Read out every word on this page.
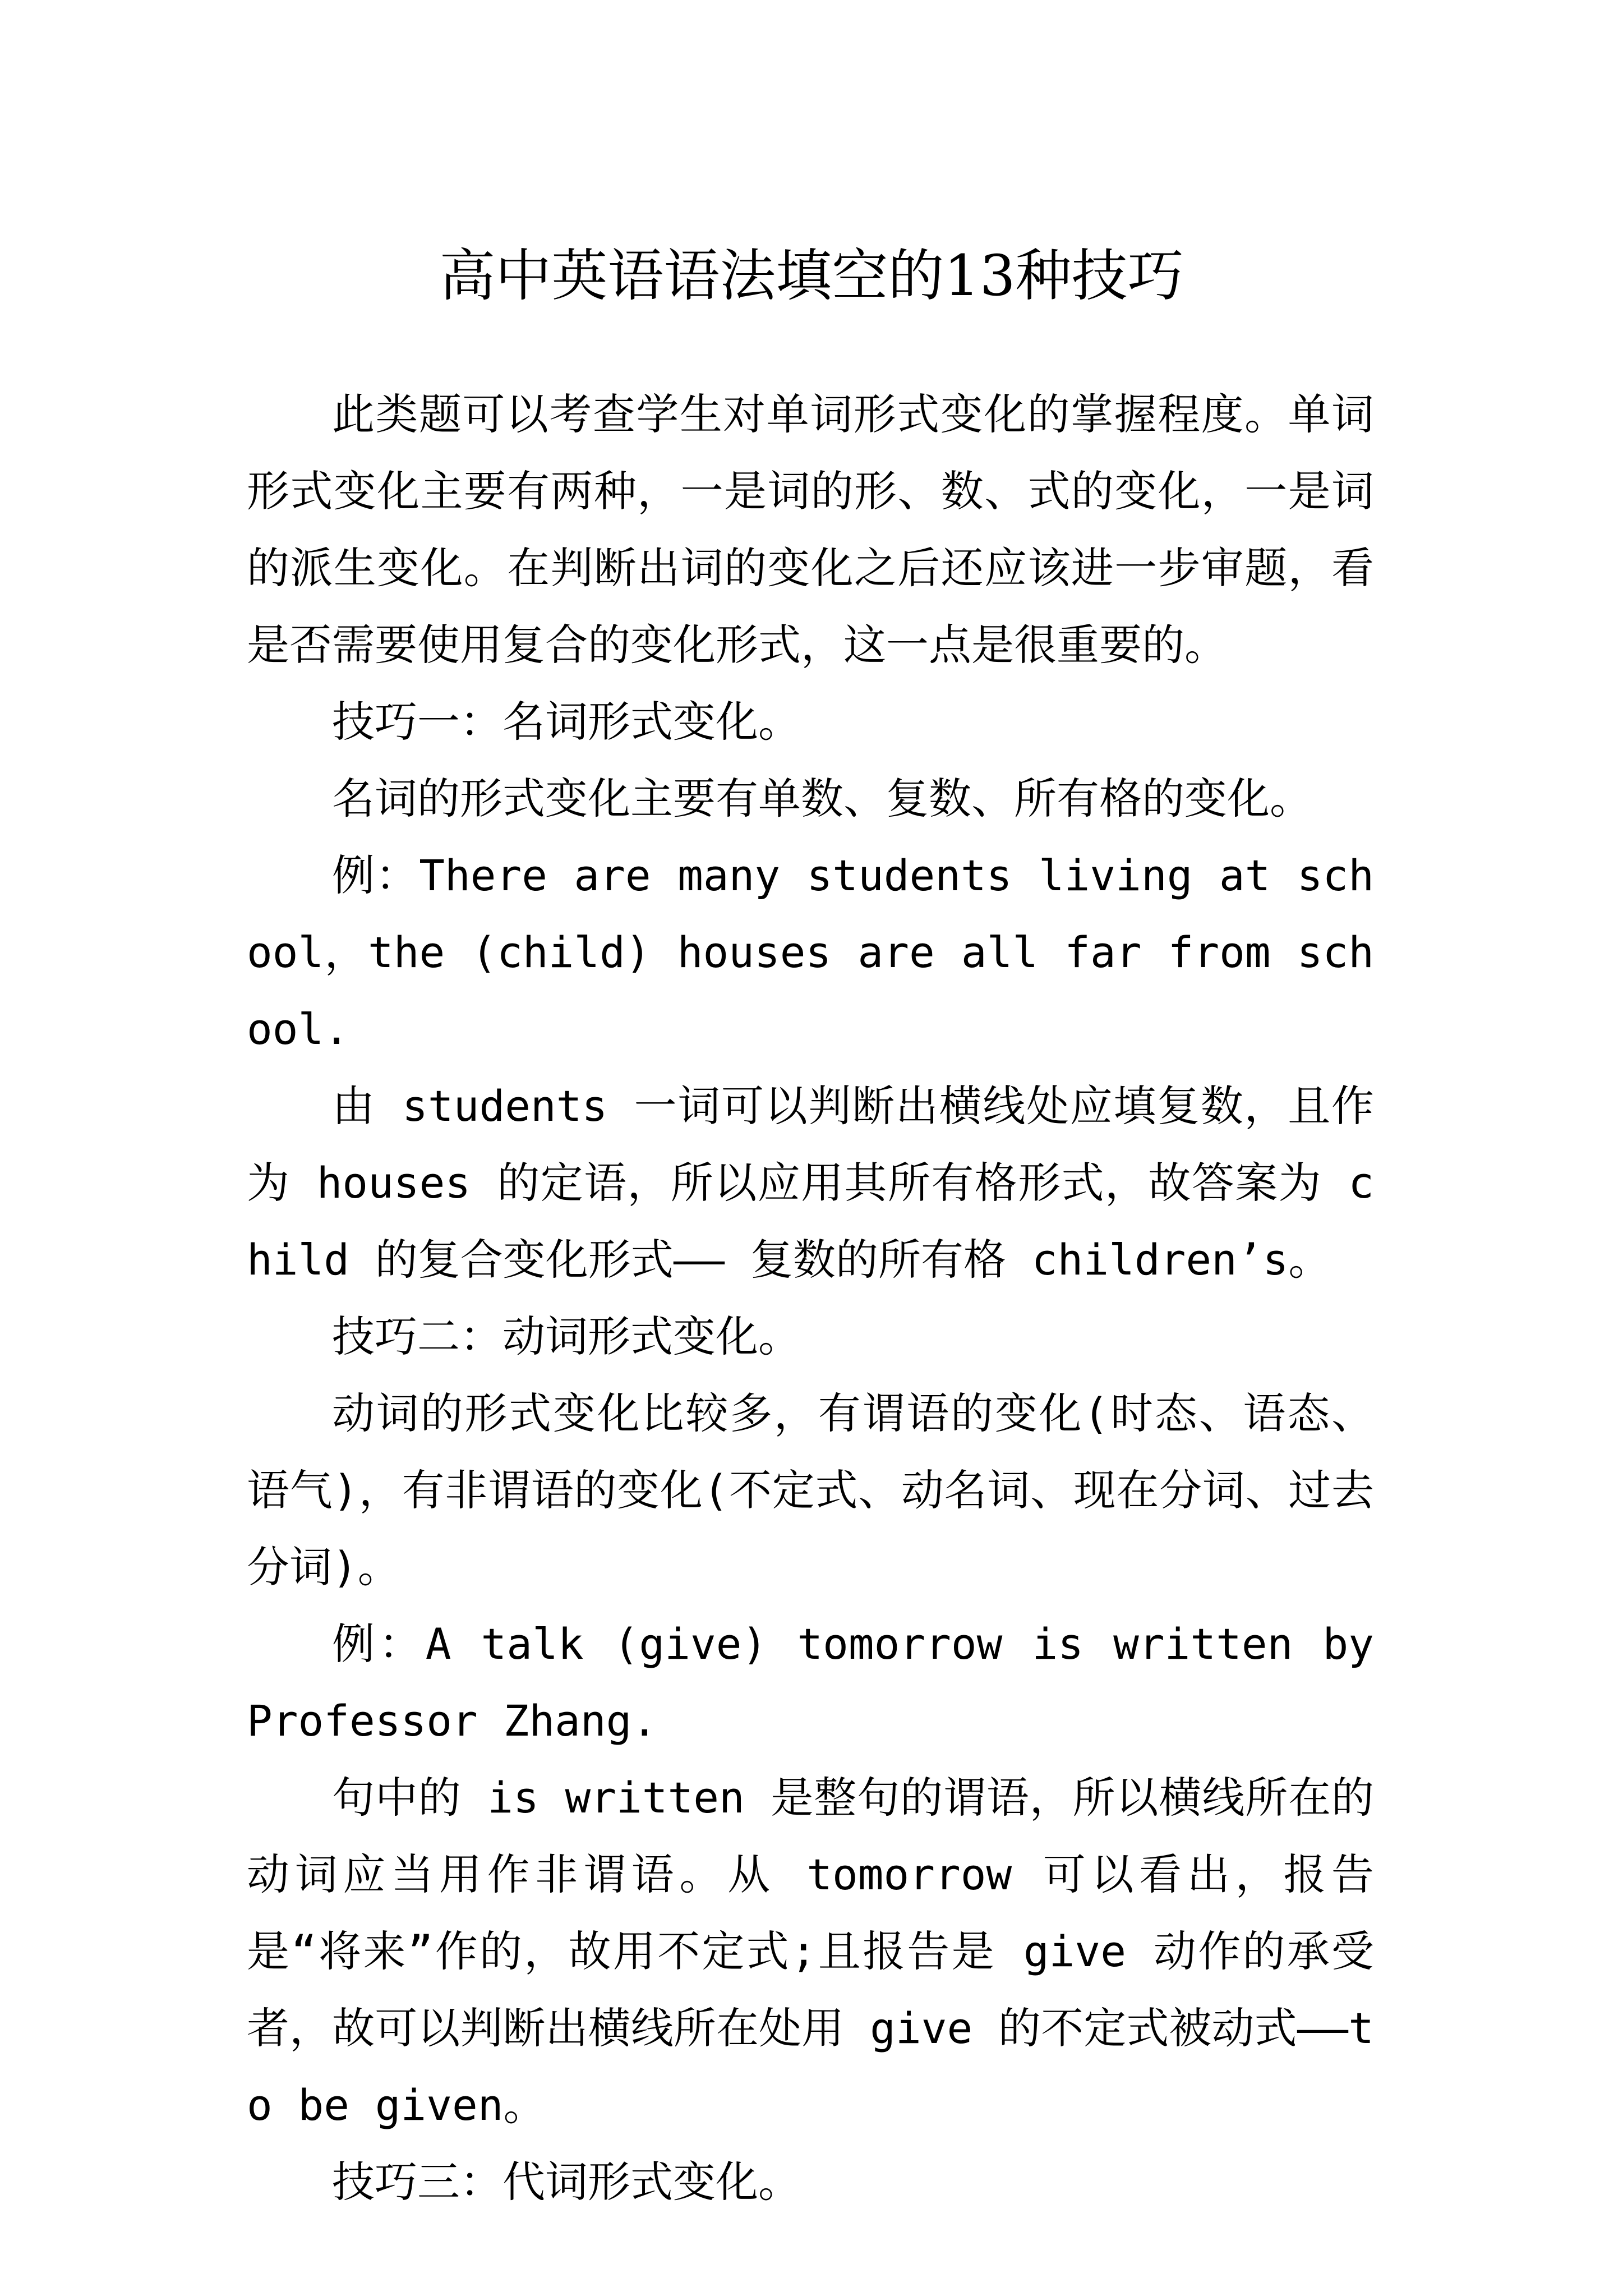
高中英语语法填空的13种技巧

此类题可以考查学生对单词形式变化的掌握程度。单词形式变化主要有两种，一是词的形、数、式的变化，一是词的派生变化。在判断出词的变化之后还应该进一步审题，看是否需要使用复合的变化形式，这一点是很重要的。

技巧一：名词形式变化。

名词的形式变化主要有单数、复数、所有格的变化。

例：There are many students living at school，the (child) houses are all far from school.

由 students 一词可以判断出横线处应填复数，且作为 houses 的定语，所以应用其所有格形式，故答案为 child 的复合变化形式—— 复数的所有格 children’s。

技巧二：动词形式变化。

动词的形式变化比较多，有谓语的变化(时态、语态、语气)，有非谓语的变化(不定式、动名词、现在分词、过去分词)。

例：A talk (give) tomorrow is written by Professor Zhang.

句中的 is written 是整句的谓语，所以横线所在的动词应当用作非谓语。从 tomorrow 可以看出，报告是“将来”作的，故用不定式;且报告是 give 动作的承受者，故可以判断出横线所在处用 give 的不定式被动式——to be given。

技巧三：代词形式变化。
